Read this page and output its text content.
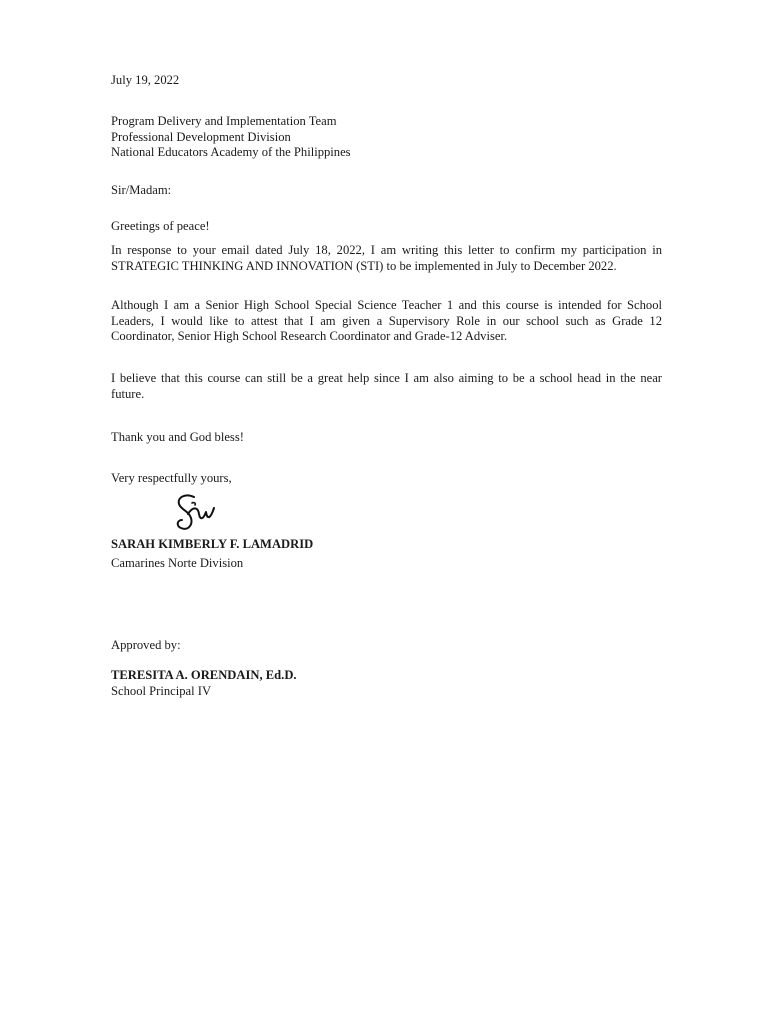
July 19, 2022
Program Delivery and Implementation Team
Professional Development Division
National Educators Academy of the Philippines
Sir/Madam:
Greetings of peace!
In response to your email dated July 18, 2022, I am writing this letter to confirm my participation in STRATEGIC THINKING AND INNOVATION (STI) to be implemented in July to December 2022.
Although I am a Senior High School Special Science Teacher 1 and this course is intended for School Leaders, I would like to attest that I am given a Supervisory Role in our school such as Grade 12 Coordinator, Senior High School Research Coordinator and Grade-12 Adviser.
I believe that this course can still be a great help since I am also aiming to be a school head in the near future.
Thank you and God bless!
Very respectfully yours,
SARAH KIMBERLY F. LAMADRID
Camarines Norte Division
Approved by:
TERESITA A. ORENDAIN, Ed.D.
School Principal IV
